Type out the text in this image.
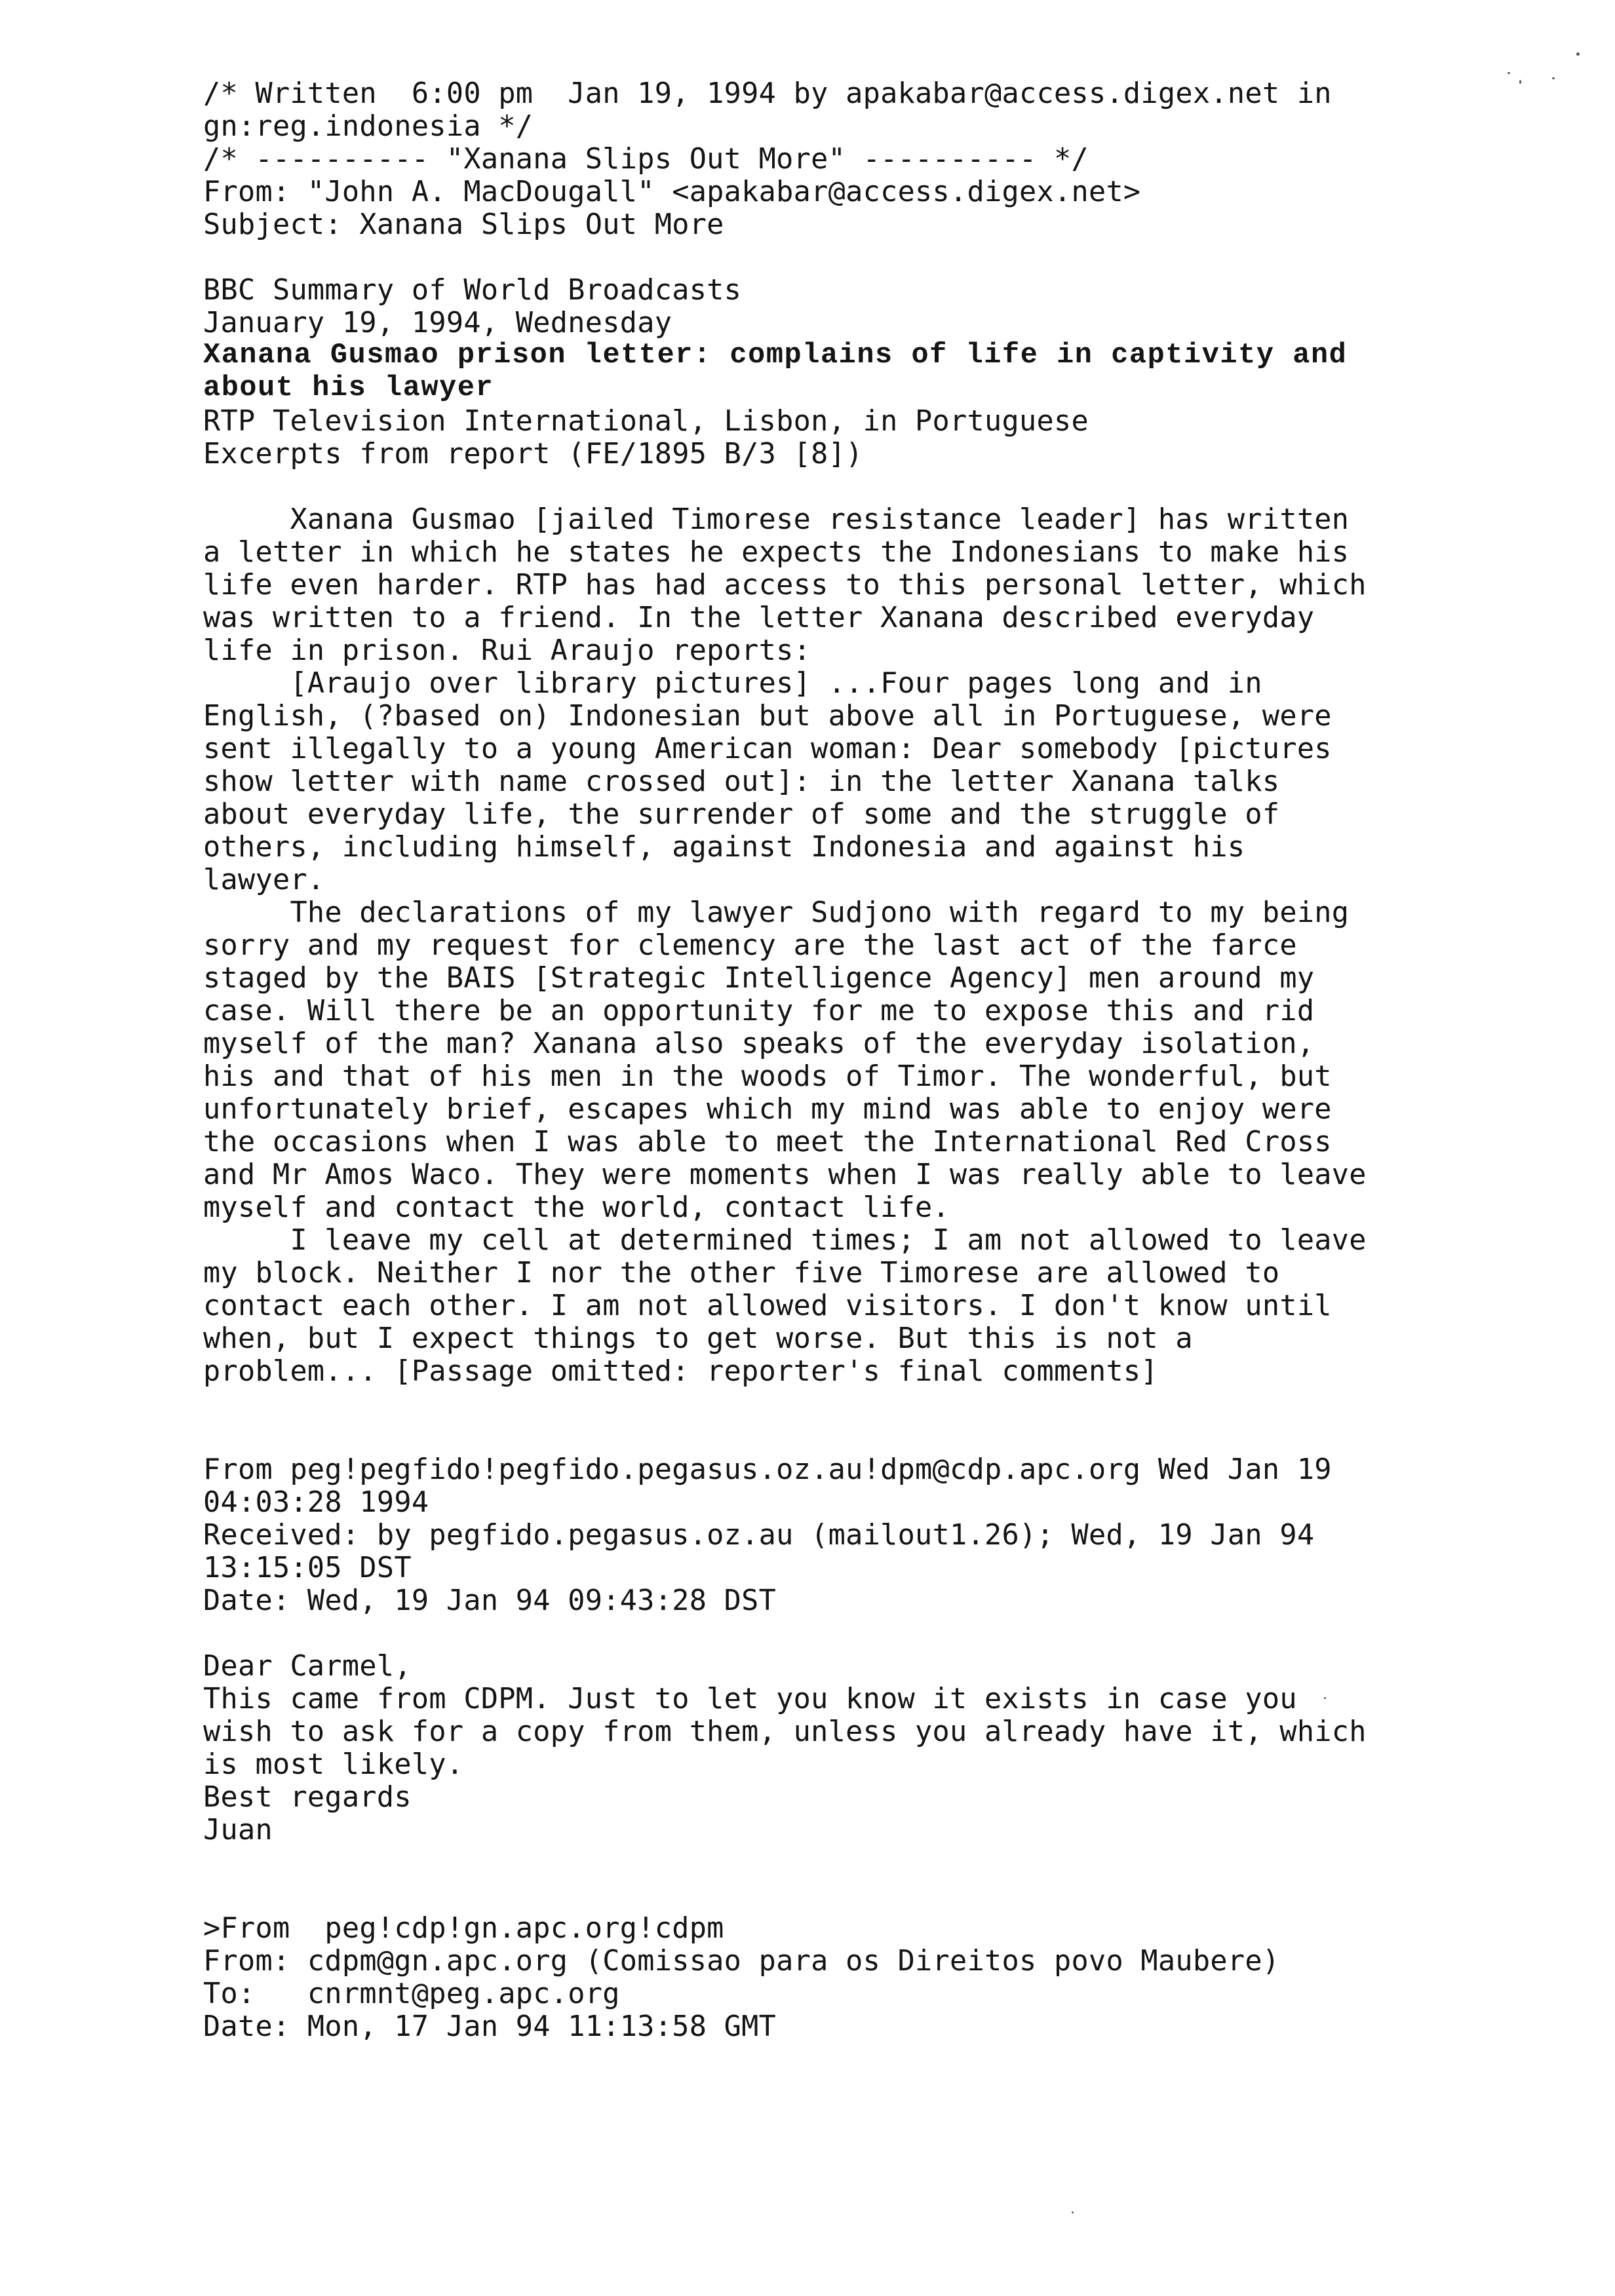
/* Written  6:00 pm  Jan 19, 1994 by apakabar@access.digex.net in
gn:reg.indonesia */
/* ---------- "Xanana Slips Out More" ---------- */
From: "John A. MacDougall" <apakabar@access.digex.net>
Subject: Xanana Slips Out More
BBC Summary of World Broadcasts
January 19, 1994, Wednesday
Xanana Gusmao prison letter: complains of life in captivity and
about his lawyer
RTP Television International, Lisbon, in Portuguese
Excerpts from report (FE/1895 B/3 [8])
Xanana Gusmao [jailed Timorese resistance leader] has written
a letter in which he states he expects the Indonesians to make his
life even harder. RTP has had access to this personal letter, which
was written to a friend. In the letter Xanana described everyday
life in prison. Rui Araujo reports:
[Araujo over library pictures] ...Four pages long and in
English, (?based on) Indonesian but above all in Portuguese, were
sent illegally to a young American woman: Dear somebody [pictures
show letter with name crossed out]: in the letter Xanana talks
about everyday life, the surrender of some and the struggle of
others, including himself, against Indonesia and against his
lawyer.
The declarations of my lawyer Sudjono with regard to my being
sorry and my request for clemency are the last act of the farce
staged by the BAIS [Strategic Intelligence Agency] men around my
case. Will there be an opportunity for me to expose this and rid
myself of the man? Xanana also speaks of the everyday isolation,
his and that of his men in the woods of Timor. The wonderful, but
unfortunately brief, escapes which my mind was able to enjoy were
the occasions when I was able to meet the International Red Cross
and Mr Amos Waco. They were moments when I was really able to leave
myself and contact the world, contact life.
I leave my cell at determined times; I am not allowed to leave
my block. Neither I nor the other five Timorese are allowed to
contact each other. I am not allowed visitors. I don't know until
when, but I expect things to get worse. But this is not a
problem... [Passage omitted: reporter's final comments]
From peg!pegfido!pegfido.pegasus.oz.au!dpm@cdp.apc.org Wed Jan 19
04:03:28 1994
Received: by pegfido.pegasus.oz.au (mailout1.26); Wed, 19 Jan 94
13:15:05 DST
Date: Wed, 19 Jan 94 09:43:28 DST
Dear Carmel,
This came from CDPM. Just to let you know it exists in case you
wish to ask for a copy from them, unless you already have it, which
is most likely.
Best regards
Juan
>From  peg!cdp!gn.apc.org!cdpm
From: cdpm@gn.apc.org (Comissao para os Direitos povo Maubere)
To:   cnrmnt@peg.apc.org
Date: Mon, 17 Jan 94 11:13:58 GMT
